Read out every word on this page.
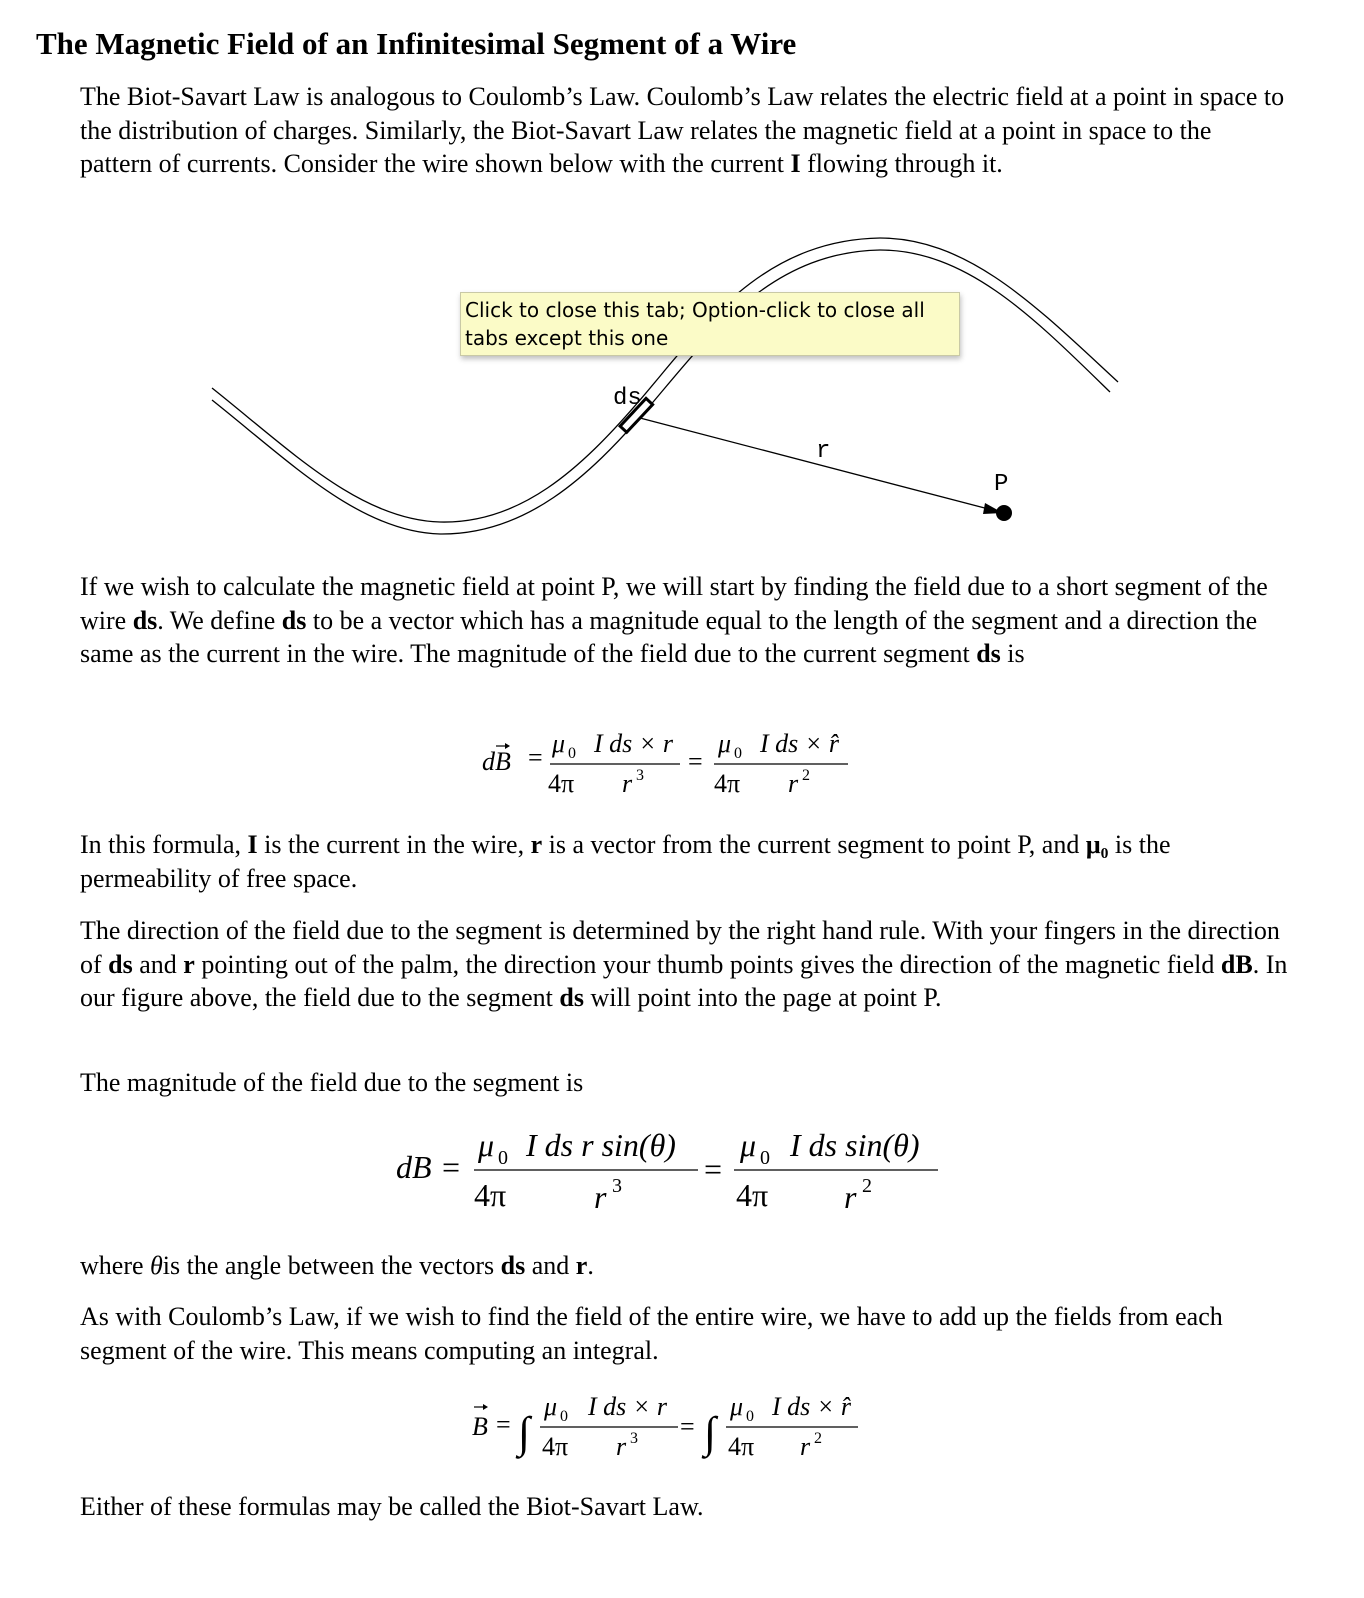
The Magnetic Field of an Infinitesimal Segment of a Wire

The Biot-Savart Law is analogous to Coulomb’s Law. Coulomb’s Law relates the electric field at a point in space to the distribution of charges. Similarly, the Biot-Savart Law relates the magnetic field at a point in space to the pattern of currents. Consider the wire shown below with the current I flowing through it.

ds
r
P
Click to close this tab; Option-click to close all tabs except this one

If we wish to calculate the magnetic field at point P, we will start by finding the field due to a short segment of the wire ds. We define ds to be a vector which has a magnitude equal to the length of the segment and a direction the same as the current in the wire. The magnitude of the field due to the current segment ds is

dB = μ 0
4π
I ds × r
r 3 =
μ 0
4π
I ds × r̂
r 2

In this formula, I is the current in the wire, r is a vector from the current segment to point P, and μ₀ is the permeability of free space.

The direction of the field due to the segment is determined by the right hand rule. With your fingers in the direction of ds and r pointing out of the palm, the direction your thumb points gives the direction of the magnetic field dB. In our figure above, the field due to the segment ds will point into the page at point P.

The magnitude of the field due to the segment is

dB =
μ 0
4π
I ds r sin(θ)
r 3	=
μ 0
4π
I ds sin(θ)
r 2

where θis the angle between the vectors ds and r.

As with Coulomb’s Law, if we wish to find the field of the entire wire, we have to add up the fields from each segment of the wire. This means computing an integral.

B = ∫
μ 0
4π
I ds × r
r 3 = ∫
μ 0
4π
I ds × r̂
r 2

Either of these formulas may be called the Biot-Savart Law.
